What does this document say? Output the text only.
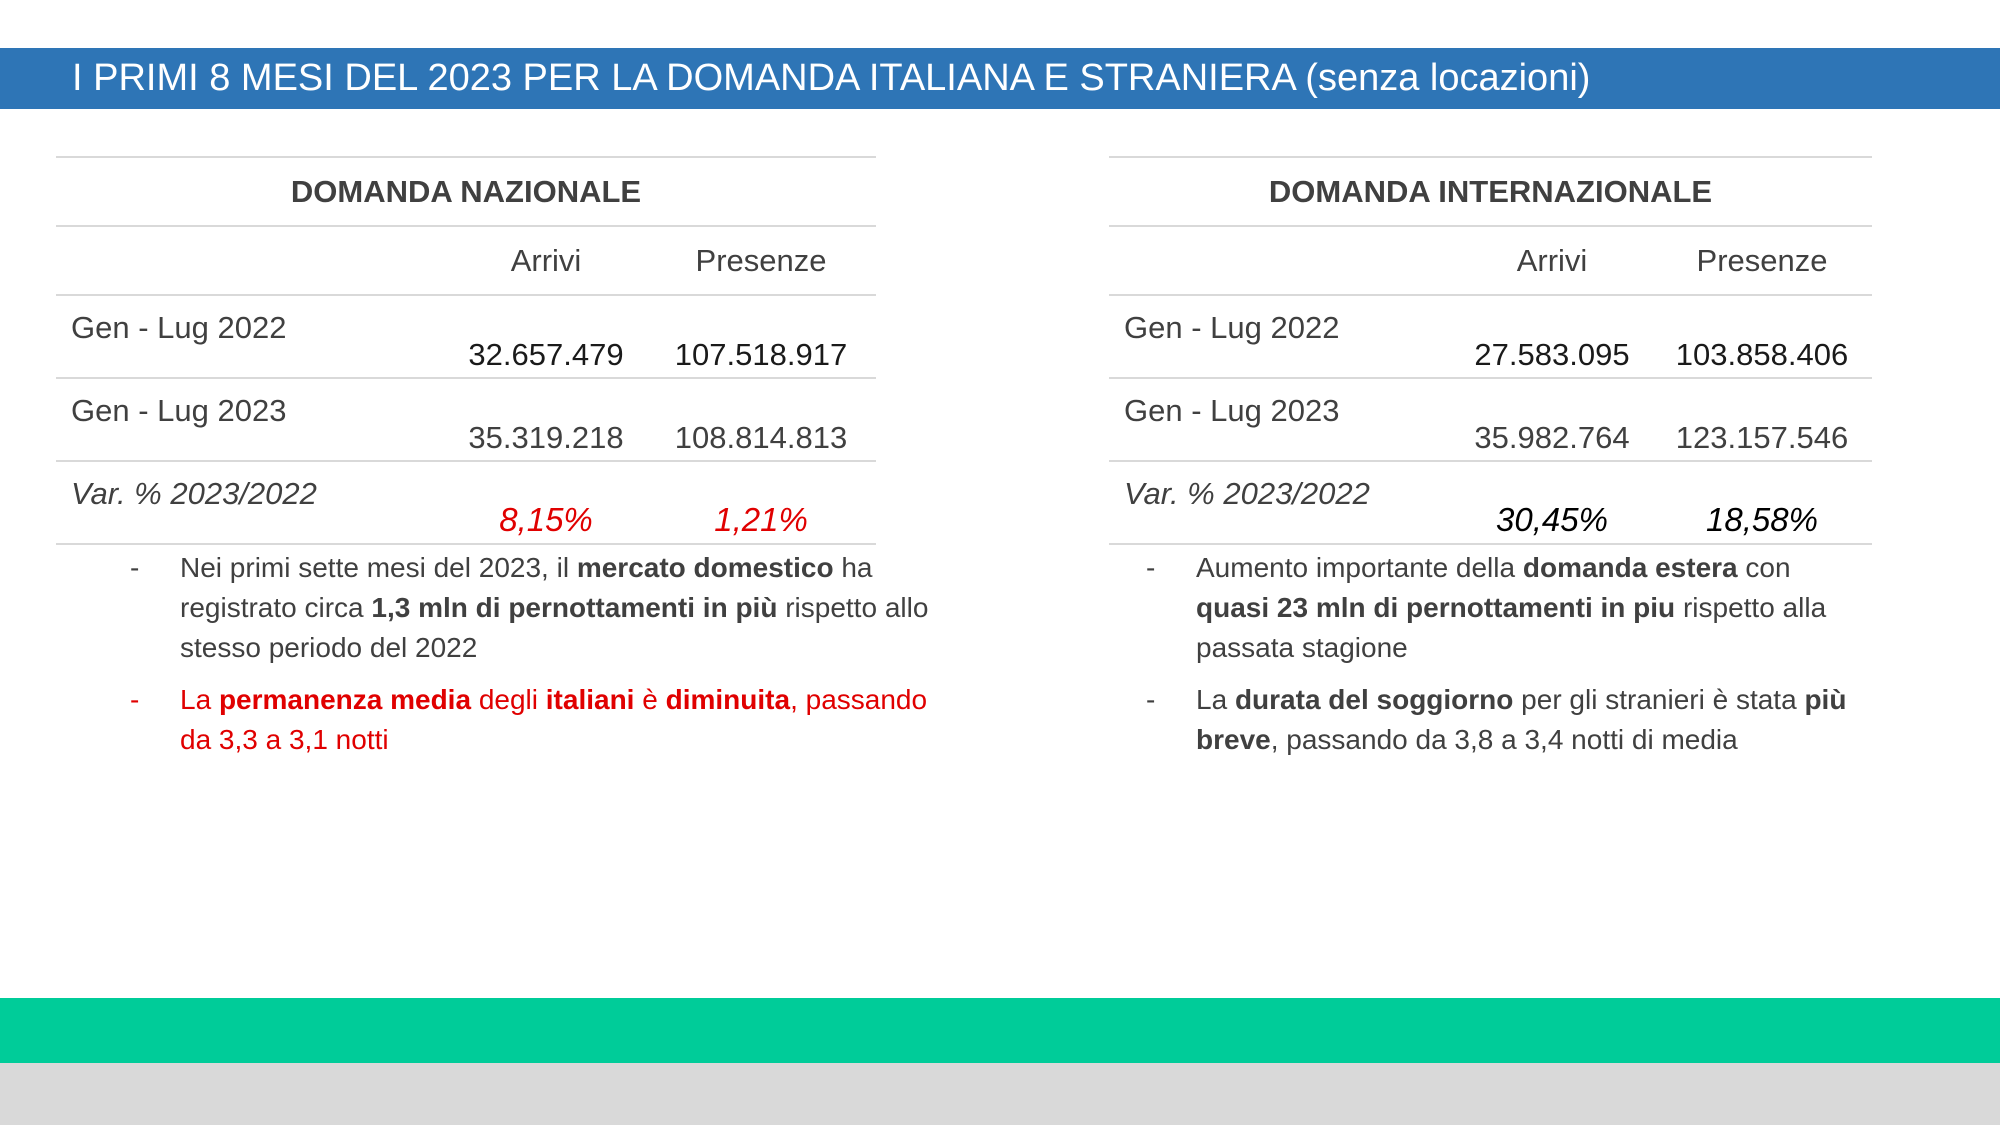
I PRIMI 8 MESI DEL 2023 PER LA DOMANDA ITALIANA E STRANIERA (senza locazioni)
DOMANDA NAZIONALE		
	Arrivi	Presenze
Gen - Lug 2022	32.657.479	107.518.917
Gen - Lug 2023	35.319.218	108.814.813
Var. % 2023/2022	8,15%	1,21%
DOMANDA INTERNAZIONALE		
	Arrivi	Presenze
Gen - Lug 2022	27.583.095	103.858.406
Gen - Lug 2023	35.982.764	123.157.546
Var. % 2023/2022	30,45%	18,58%
- Nei primi sette mesi del 2023, il mercato domestico ha registrato circa 1,3 mln di pernottamenti in più rispetto allo stesso periodo del 2022
- La permanenza media degli italiani è diminuita, passando da 3,3 a 3,1 notti
- Aumento importante della domanda estera con quasi 23 mln di pernottamenti in piu rispetto alla passata stagione
- La durata del soggiorno per gli stranieri è stata più breve, passando da 3,8 a 3,4 notti di media
